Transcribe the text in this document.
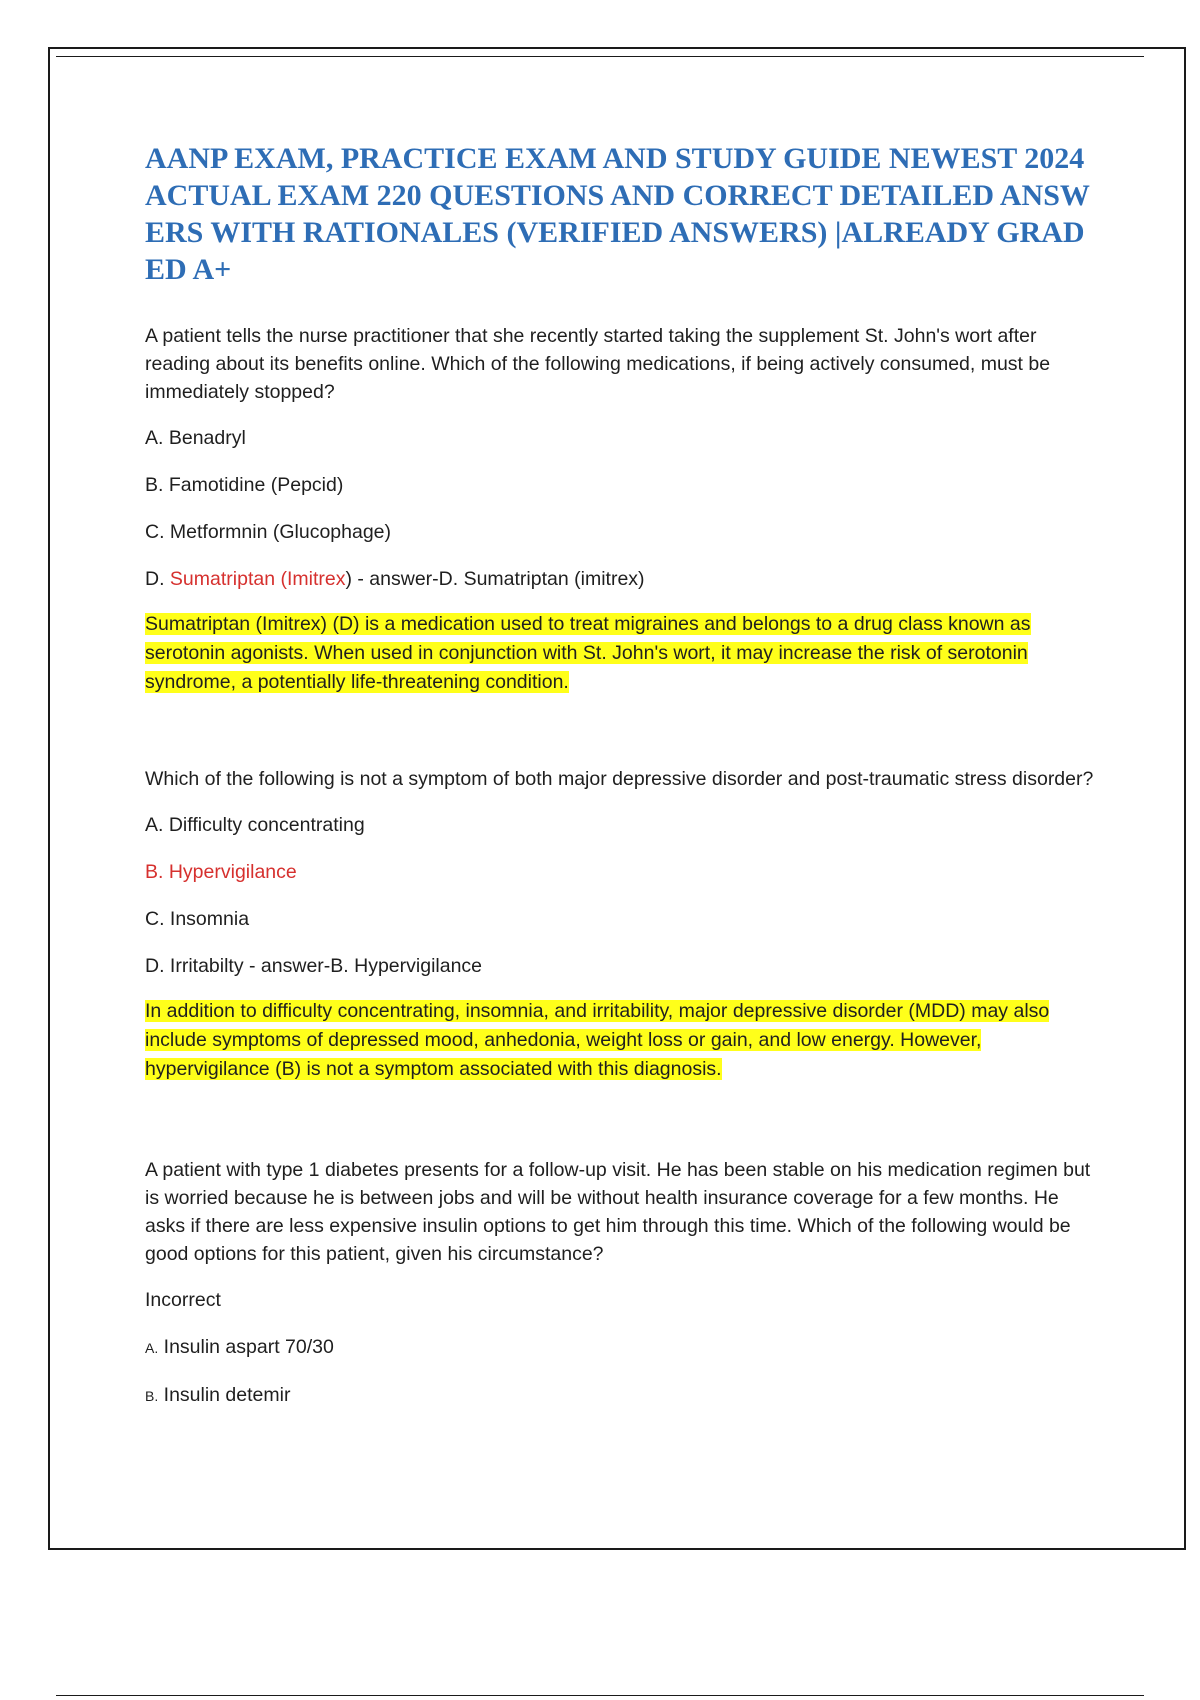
AANP EXAM, PRACTICE EXAM AND STUDY GUIDE NEWEST 2024 ACTUAL EXAM 220 QUESTIONS AND CORRECT DETAILED ANSWERS WITH RATIONALES (VERIFIED ANSWERS) |ALREADY GRADED A+

A patient tells the nurse practitioner that she recently started taking the supplement St. John's wort after reading about its benefits online. Which of the following medications, if being actively consumed, must be immediately stopped?

A. Benadryl

B. Famotidine (Pepcid)

C. Metformnin (Glucophage)

D. Sumatriptan (Imitrex) - answer-D. Sumatriptan (imitrex)

Sumatriptan (Imitrex) (D) is a medication used to treat migraines and belongs to a drug class known as serotonin agonists. When used in conjunction with St. John's wort, it may increase the risk of serotonin syndrome, a potentially life-threatening condition.

Which of the following is not a symptom of both major depressive disorder and post-traumatic stress disorder?

A. Difficulty concentrating

B. Hypervigilance

C. Insomnia

D. Irritabilty - answer-B. Hypervigilance

In addition to difficulty concentrating, insomnia, and irritability, major depressive disorder (MDD) may also include symptoms of depressed mood, anhedonia, weight loss or gain, and low energy. However, hypervigilance (B) is not a symptom associated with this diagnosis.

A patient with type 1 diabetes presents for a follow-up visit. He has been stable on his medication regimen but is worried because he is between jobs and will be without health insurance coverage for a few months. He asks if there are less expensive insulin options to get him through this time. Which of the following would be good options for this patient, given his circumstance?

Incorrect

A. Insulin aspart 70/30

B. Insulin detemir
